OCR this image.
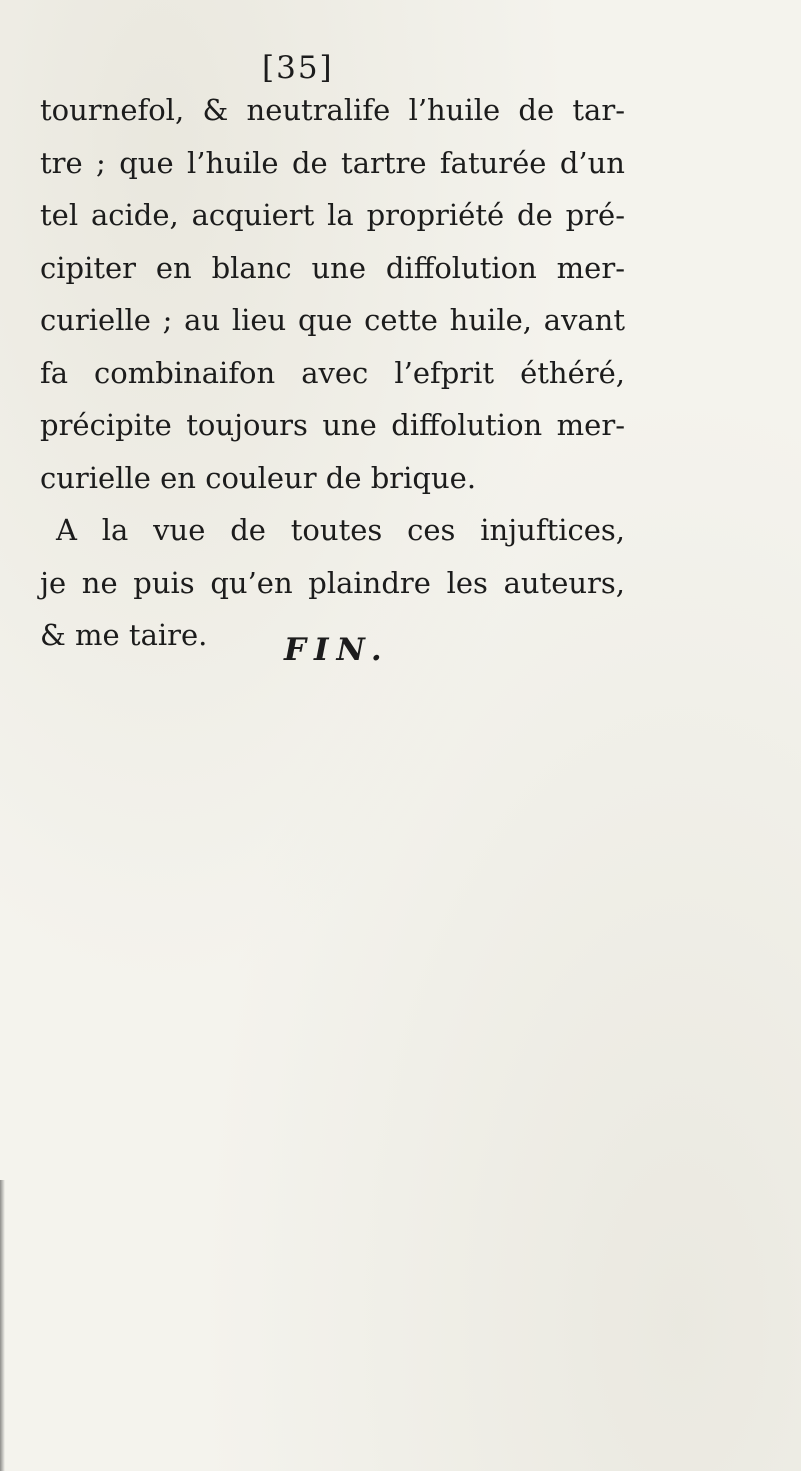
[35]
tournefol, & neutralife l’huile de tar-
tre ; que l’huile de tartre faturée d’un
tel acide, acquiert la propriété de pré-
cipiter en blanc une diffolution mer-
curielle ; au lieu que cette huile, avant
fa combinaifon avec l’efprit éthéré,
précipite toujours une diffolution mer-
curielle en couleur de brique.
A la vue de toutes ces injuftices,
je ne puis qu’en plaindre les auteurs,
& me taire.	FIN.
